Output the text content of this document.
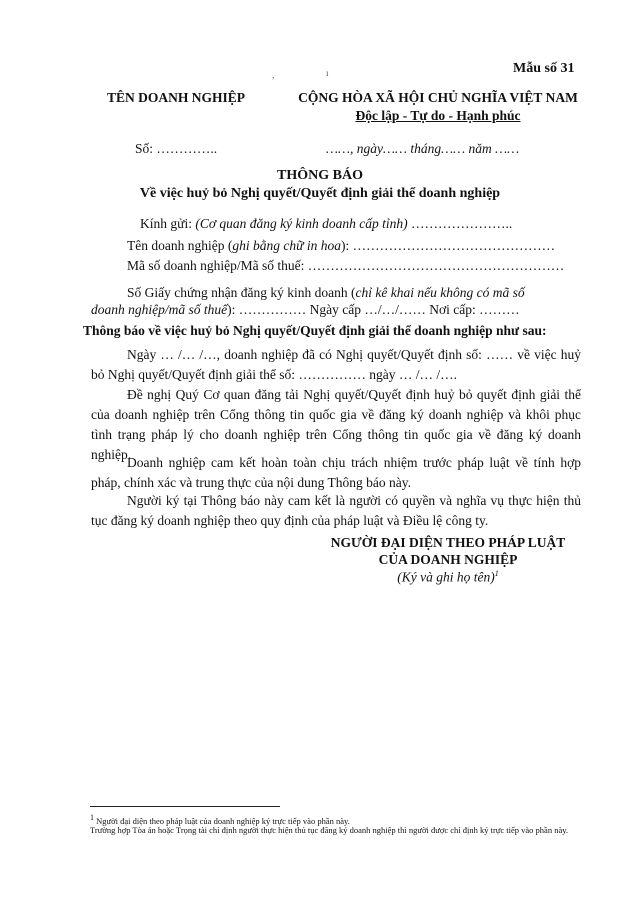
,	ı	Mẫu số 31
TÊN DOANH NGHIỆP	CỘNG HÒA XÃ HỘI CHỦ NGHĨA VIỆT NAM
Độc lập - Tự do - Hạnh phúc
Số: …………..	……, ngày…… tháng…… năm ……
THÔNG BÁO
Về việc huỷ bỏ Nghị quyết/Quyết định giải thể doanh nghiệp
Kính gửi: (Cơ quan đăng ký kinh doanh cấp tỉnh) …………………..
Tên doanh nghiệp (ghi bằng chữ in hoa): ………………………………………
Mã số doanh nghiệp/Mã số thuế: …………………………………………………
Số Giấy chứng nhận đăng ký kinh doanh (chỉ kê khai nếu không có mã số
doanh nghiệp/mã số thuế): …………… Ngày cấp …/…/…… Nơi cấp: ………
Thông báo về việc huỷ bỏ Nghị quyết/Quyết định giải thể doanh nghiệp như sau:
Ngày … /… /…, doanh nghiệp đã có Nghị quyết/Quyết định số: …… về việc huỷ bỏ Nghị quyết/Quyết định giải thể số: …………… ngày … /… /….
Đề nghị Quý Cơ quan đăng tải Nghị quyết/Quyết định huỷ bỏ quyết định giải thể của doanh nghiệp trên Cổng thông tin quốc gia về đăng ký doanh nghiệp và khôi phục tình trạng pháp lý cho doanh nghiệp trên Cổng thông tin quốc gia về đăng ký doanh nghiệp.
Doanh nghiệp cam kết hoàn toàn chịu trách nhiệm trước pháp luật về tính hợp pháp, chính xác và trung thực của nội dung Thông báo này.
Người ký tại Thông báo này cam kết là người có quyền và nghĩa vụ thực hiện thủ tục đăng ký doanh nghiệp theo quy định của pháp luật và Điều lệ công ty.
NGƯỜI ĐẠI DIỆN THEO PHÁP LUẬT
CỦA DOANH NGHIỆP
(Ký và ghi họ tên)$^1$
$^1$ Người đại diện theo pháp luật của doanh nghiệp ký trực tiếp vào phần này.
Trường hợp Tòa án hoặc Trọng tài chỉ định người thực hiện thủ tục đăng ký doanh nghiệp thì người được chỉ định ký trực tiếp vào phần này.
